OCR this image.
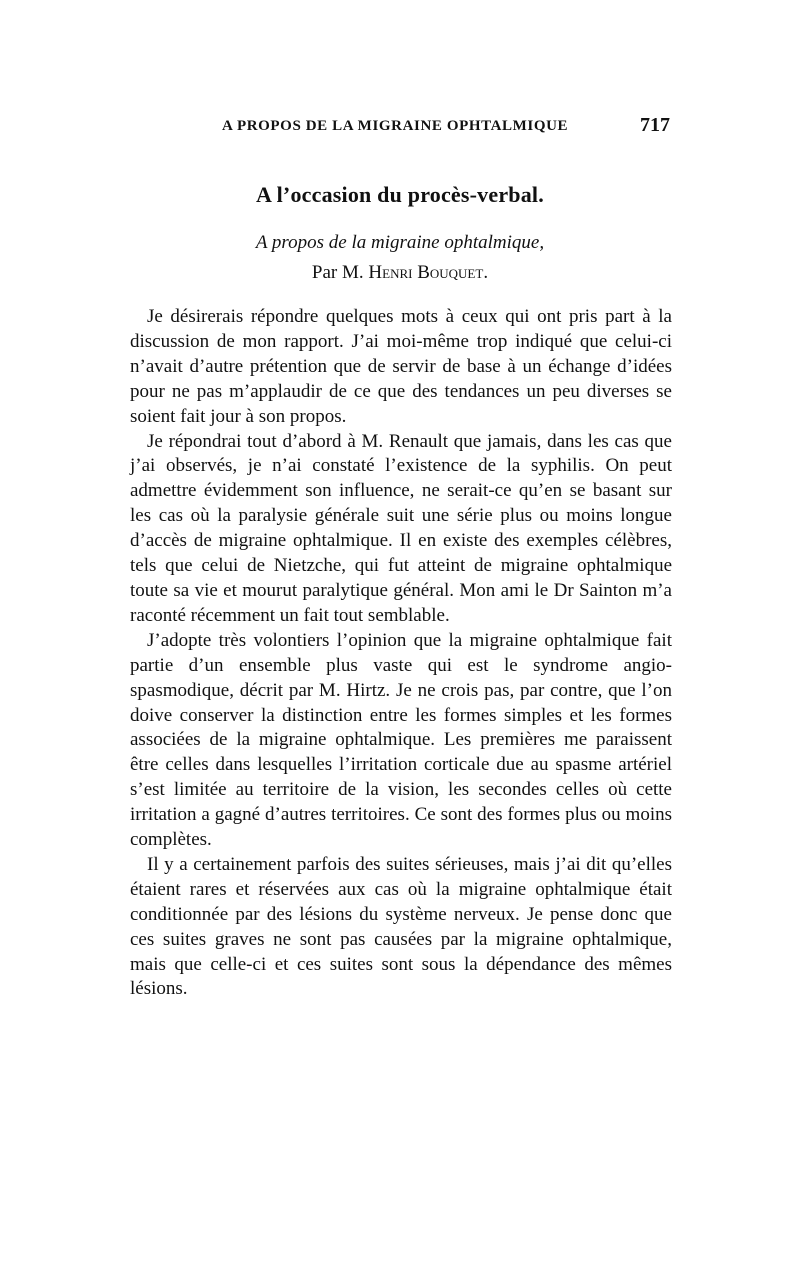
A PROPOS DE LA MIGRAINE OPHTALMIQUE	717
A l’occasion du procès-verbal.
A propos de la migraine ophtalmique,
Par M. Henri Bouquet.

Je désirerais répondre quelques mots à ceux qui ont pris part à la discussion de mon rapport. J’ai moi-même trop indiqué que celui-ci n’avait d’autre prétention que de servir de base à un échange d’idées pour ne pas m’applaudir de ce que des tendances un peu diverses se soient fait jour à son propos.

Je répondrai tout d’abord à M. Renault que jamais, dans les cas que j’ai observés, je n’ai constaté l’existence de la syphilis. On peut admettre évidemment son influence, ne serait-ce qu’en se basant sur les cas où la paralysie générale suit une série plus ou moins longue d’accès de migraine ophtalmique. Il en existe des exemples célèbres, tels que celui de Nietzche, qui fut atteint de migraine ophtalmique toute sa vie et mourut paralytique général. Mon ami le Dr Sainton m’a raconté récemment un fait tout semblable.

J’adopte très volontiers l’opinion que la migraine ophtalmique fait partie d’un ensemble plus vaste qui est le syndrome angio-spasmodique, décrit par M. Hirtz. Je ne crois pas, par contre, que l’on doive conserver la distinction entre les formes simples et les formes associées de la migraine ophtalmique. Les premières me paraissent être celles dans lesquelles l’irritation corticale due au spasme artériel s’est limitée au territoire de la vision, les secondes celles où cette irritation a gagné d’autres territoires. Ce sont des formes plus ou moins complètes.

Il y a certainement parfois des suites sérieuses, mais j’ai dit qu’elles étaient rares et réservées aux cas où la migraine ophtalmique était conditionnée par des lésions du système nerveux. Je pense donc que ces suites graves ne sont pas causées par la migraine ophtalmique, mais que celle-ci et ces suites sont sous la dépendance des mêmes lésions.
